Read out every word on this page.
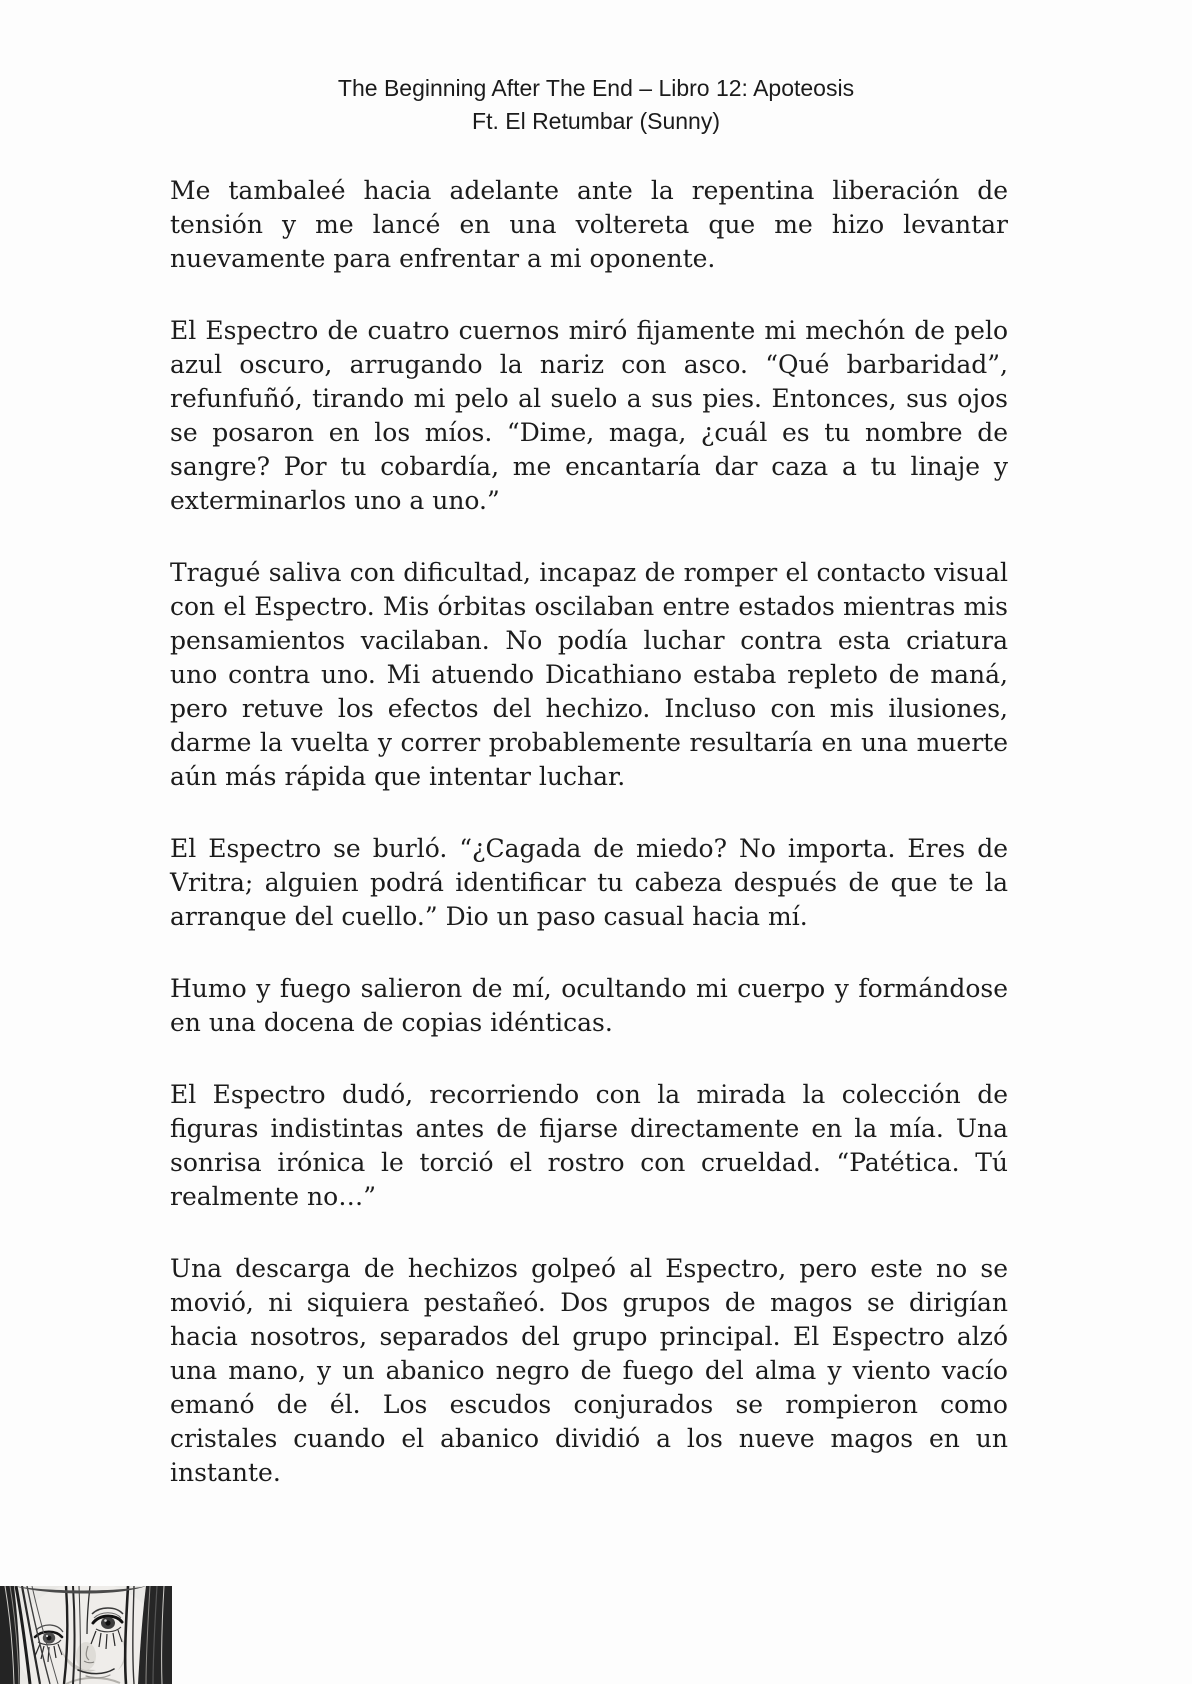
The Beginning After The End – Libro 12: Apoteosis
Ft. El Retumbar (Sunny)

Me tambaleé hacia adelante ante la repentina liberación de tensión y me lancé en una voltereta que me hizo levantar nuevamente para enfrentar a mi oponente.

El Espectro de cuatro cuernos miró fijamente mi mechón de pelo azul oscuro, arrugando la nariz con asco. “Qué barbaridad”, refunfuñó, tirando mi pelo al suelo a sus pies. Entonces, sus ojos se posaron en los míos. “Dime, maga, ¿cuál es tu nombre de sangre? Por tu cobardía, me encantaría dar caza a tu linaje y exterminarlos uno a uno.”

Tragué saliva con dificultad, incapaz de romper el contacto visual con el Espectro. Mis órbitas oscilaban entre estados mientras mis pensamientos vacilaban. No podía luchar contra esta criatura uno contra uno. Mi atuendo Dicathiano estaba repleto de maná, pero retuve los efectos del hechizo. Incluso con mis ilusiones, darme la vuelta y correr probablemente resultaría en una muerte aún más rápida que intentar luchar.

El Espectro se burló. “¿Cagada de miedo? No importa. Eres de Vritra; alguien podrá identificar tu cabeza después de que te la arranque del cuello.” Dio un paso casual hacia mí.

Humo y fuego salieron de mí, ocultando mi cuerpo y formándose en una docena de copias idénticas.

El Espectro dudó, recorriendo con la mirada la colección de figuras indistintas antes de fijarse directamente en la mía. Una sonrisa irónica le torció el rostro con crueldad. “Patética. Tú realmente no…”

Una descarga de hechizos golpeó al Espectro, pero este no se movió, ni siquiera pestañeó. Dos grupos de magos se dirigían hacia nosotros, separados del grupo principal. El Espectro alzó una mano, y un abanico negro de fuego del alma y viento vacío emanó de él. Los escudos conjurados se rompieron como cristales cuando el abanico dividió a los nueve magos en un instante.
